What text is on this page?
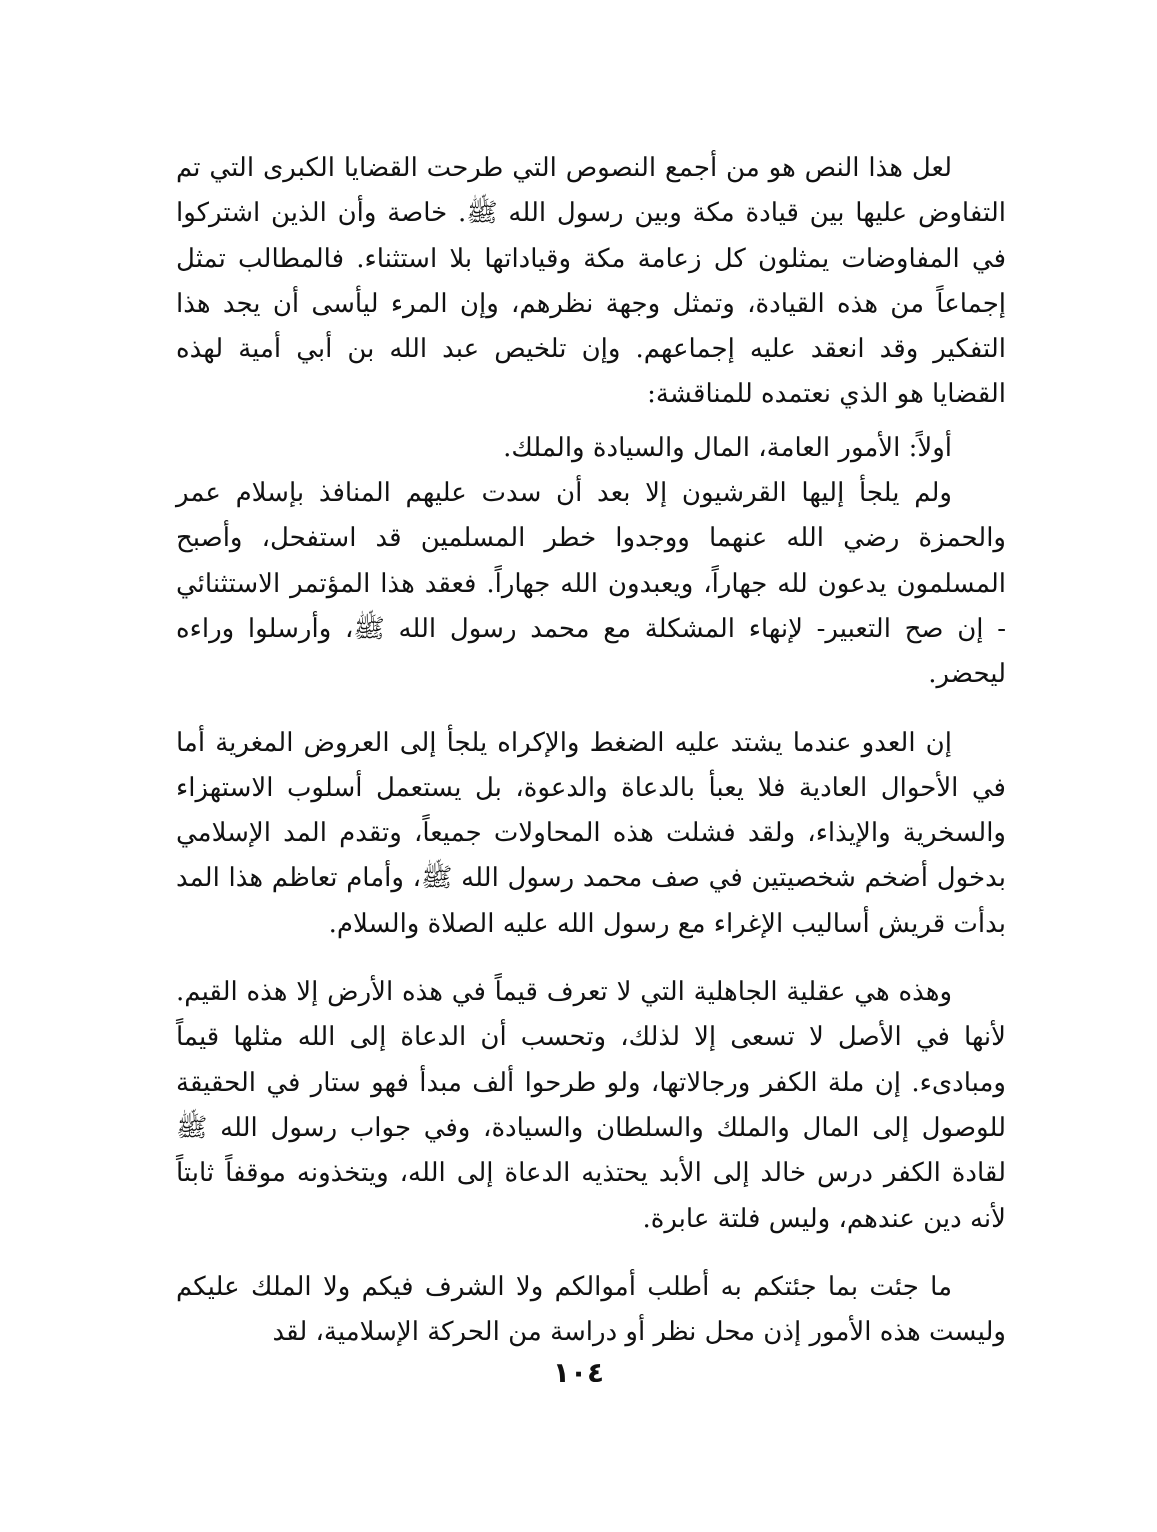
لعل هذا النص هو من أجمع النصوص التي طرحت القضايا الكبرى التي تم التفاوض عليها بين قيادة مكة وبين رسول الله ﷺ. خاصة وأن الذين اشتركوا في المفاوضات يمثلون كل زعامة مكة وقياداتها بلا استثناء. فالمطالب تمثل إجماعاً من هذه القيادة، وتمثل وجهة نظرهم، وإن المرء ليأسى أن يجد هذا التفكير وقد انعقد عليه إجماعهم. وإن تلخيص عبد الله بن أبي أمية لهذه القضايا هو الذي نعتمده للمناقشة:

أولاً: الأمور العامة، المال والسيادة والملك.

ولم يلجأ إليها القرشيون إلا بعد أن سدت عليهم المنافذ بإسلام عمر والحمزة رضي الله عنهما ووجدوا خطر المسلمين قد استفحل، وأصبح المسلمون يدعون لله جهاراً، ويعبدون الله جهاراً. فعقد هذا المؤتمر الاستثنائي - إن صح التعبير- لإنهاء المشكلة مع محمد رسول الله ﷺ، وأرسلوا وراءه ليحضر.

إن العدو عندما يشتد عليه الضغط والإكراه يلجأ إلى العروض المغرية أما في الأحوال العادية فلا يعبأ بالدعاة والدعوة، بل يستعمل أسلوب الاستهزاء والسخرية والإيذاء، ولقد فشلت هذه المحاولات جميعاً، وتقدم المد الإسلامي بدخول أضخم شخصيتين في صف محمد رسول الله ﷺ، وأمام تعاظم هذا المد بدأت قريش أساليب الإغراء مع رسول الله عليه الصلاة والسلام.

وهذه هي عقلية الجاهلية التي لا تعرف قيماً في هذه الأرض إلا هذه القيم. لأنها في الأصل لا تسعى إلا لذلك، وتحسب أن الدعاة إلى الله مثلها قيماً ومبادىء. إن ملة الكفر ورجالاتها، ولو طرحوا ألف مبدأ فهو ستار في الحقيقة للوصول إلى المال والملك والسلطان والسيادة، وفي جواب رسول الله ﷺ لقادة الكفر درس خالد إلى الأبد يحتذيه الدعاة إلى الله، ويتخذونه موقفاً ثابتاً لأنه دين عندهم، وليس فلتة عابرة.

ما جئت بما جئتكم به أطلب أموالكم ولا الشرف فيكم ولا الملك عليكم وليست هذه الأمور إذن محل نظر أو دراسة من الحركة الإسلامية، لقد

١٠٤
